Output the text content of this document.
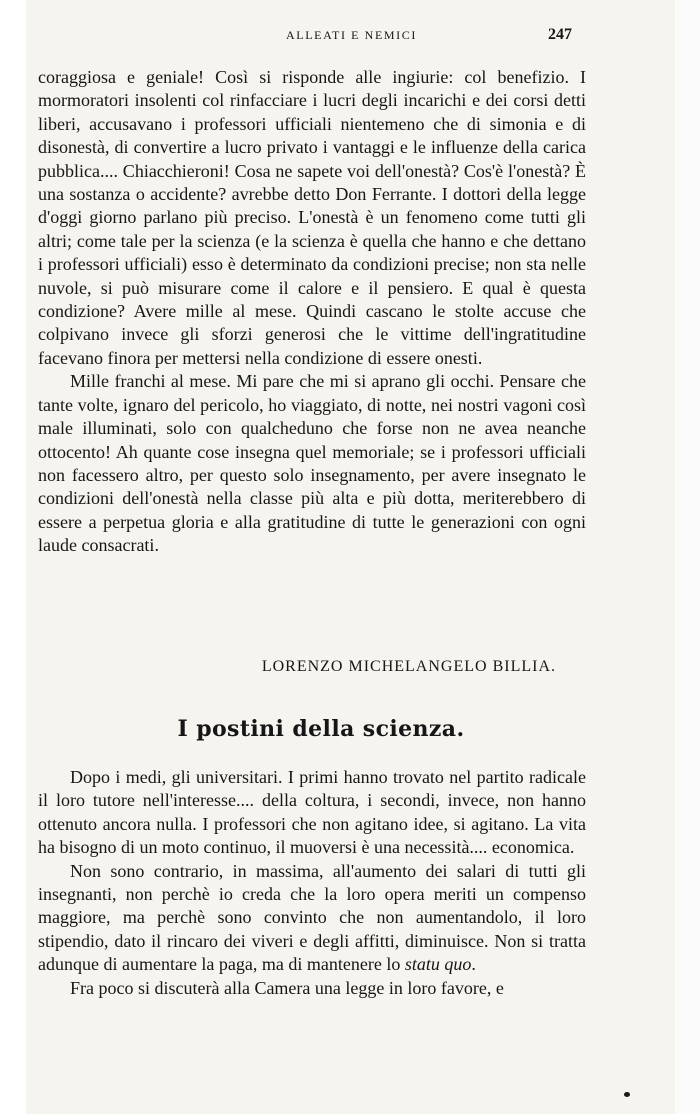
ALLEATI E NEMICI	247

coraggiosa e geniale! Così si risponde alle ingiurie: col benefizio. I mormoratori insolenti col rinfacciare i lucri degli incarichi e dei corsi detti liberi, accusavano i professori ufficiali nientemeno che di simonia e di disonestà, di convertire a lucro privato i vantaggi e le influenze della carica pubblica.... Chiacchieroni! Cosa ne sapete voi dell'onestà? Cos'è l'onestà? È una sostanza o accidente? avrebbe detto Don Ferrante. I dottori della legge d'oggi giorno parlano più preciso. L'onestà è un fenomeno come tutti gli altri; come tale per la scienza (e la scienza è quella che hanno e che dettano i professori ufficiali) esso è determinato da condizioni precise; non sta nelle nuvole, si può misurare come il calore e il pensiero. E qual è questa condizione? Avere mille al mese. Quindi cascano le stolte accuse che colpivano invece gli sforzi generosi che le vittime dell'ingratitudine facevano finora per mettersi nella condizione di essere onesti.

Mille franchi al mese. Mi pare che mi si aprano gli occhi. Pensare che tante volte, ignaro del pericolo, ho viaggiato, di notte, nei nostri vagoni così male illuminati, solo con qualcheduno che forse non ne avea neanche ottocento! Ah quante cose insegna quel memoriale; se i professori ufficiali non facessero altro, per questo solo insegnamento, per avere insegnato le condizioni dell'onestà nella classe più alta e più dotta, meriterebbero di essere a perpetua gloria e alla gratitudine di tutte le generazioni con ogni laude consacrati.

LORENZO MICHELANGELO BILLIA.
I postini della scienza.

Dopo i medi, gli universitari. I primi hanno trovato nel partito radicale il loro tutore nell'interesse.... della coltura, i secondi, invece, non hanno ottenuto ancora nulla. I professori che non agitano idee, si agitano. La vita ha bisogno di un moto continuo, il muoversi è una necessità.... economica.

Non sono contrario, in massima, all'aumento dei salari di tutti gli insegnanti, non perchè io creda che la loro opera meriti un compenso maggiore, ma perchè sono convinto che non aumentandolo, il loro stipendio, dato il rincaro dei viveri e degli affitti, diminuisce. Non si tratta adunque di aumentare la paga, ma di mantenere lo statu quo.

Fra poco si discuterà alla Camera una legge in loro favore, e
